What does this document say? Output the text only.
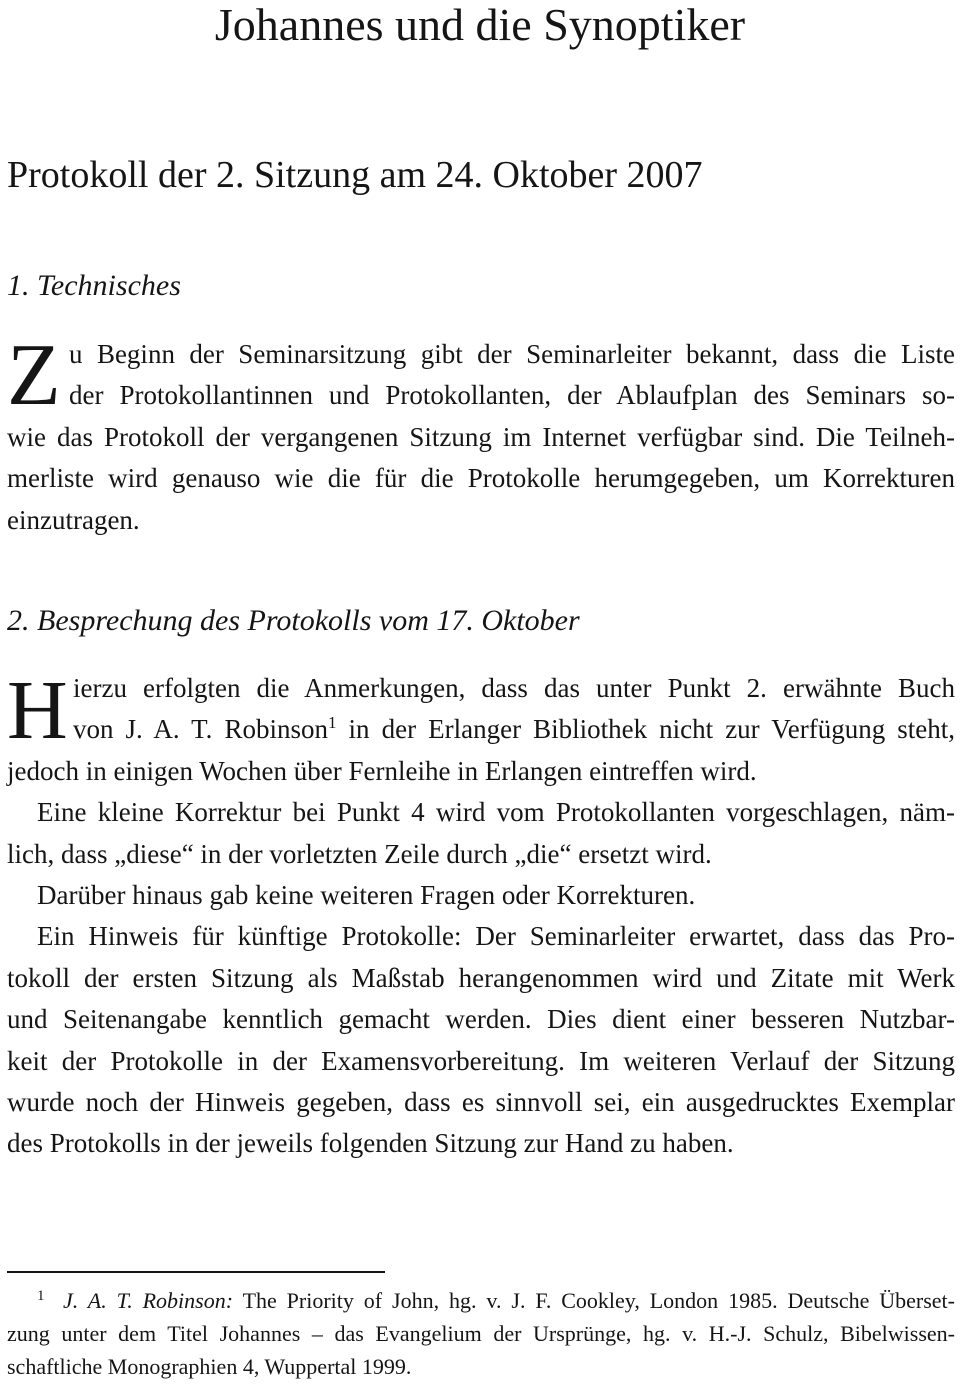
Johannes und die Synoptiker
Protokoll der 2. Sitzung am 24. Oktober 2007
1. Technisches
Z u Beginn der Seminarsitzung gibt der Seminarleiter bekannt, dass die Liste
der Protokollantinnen und Protokollanten, der Ablaufplan des Seminars so-
wie das Protokoll der vergangenen Sitzung im Internet verfügbar sind. Die Teilneh-
merliste wird genauso wie die für die Protokolle herumgegeben, um Korrekturen
einzutragen.
2. Besprechung des Protokolls vom 17. Oktober
H ierzu erfolgten die Anmerkungen, dass das unter Punkt 2. erwähnte Buch
von J. A. T. Robinson$^1$ in der Erlanger Bibliothek nicht zur Verfügung steht,
jedoch in einigen Wochen über Fernleihe in Erlangen eintreffen wird.
Eine kleine Korrektur bei Punkt 4 wird vom Protokollanten vorgeschlagen, näm-
lich, dass „diese“ in der vorletzten Zeile durch „die“ ersetzt wird.
Darüber hinaus gab keine weiteren Fragen oder Korrekturen.
Ein Hinweis für künftige Protokolle: Der Seminarleiter erwartet, dass das Pro-
tokoll der ersten Sitzung als Maßstab herangenommen wird und Zitate mit Werk
und Seitenangabe kenntlich gemacht werden. Dies dient einer besseren Nutzbar-
keit der Protokolle in der Examensvorbereitung. Im weiteren Verlauf der Sitzung
wurde noch der Hinweis gegeben, dass es sinnvoll sei, ein ausgedrucktes Exemplar
des Protokolls in der jeweils folgenden Sitzung zur Hand zu haben.
1 J. A. T. Robinson: The Priority of John, hg. v. J. F. Cookley, London 1985. Deutsche Überset-
zung unter dem Titel Johannes – das Evangelium der Ursprünge, hg. v. H.-J. Schulz, Bibelwissen-
schaftliche Monographien 4, Wuppertal 1999.
